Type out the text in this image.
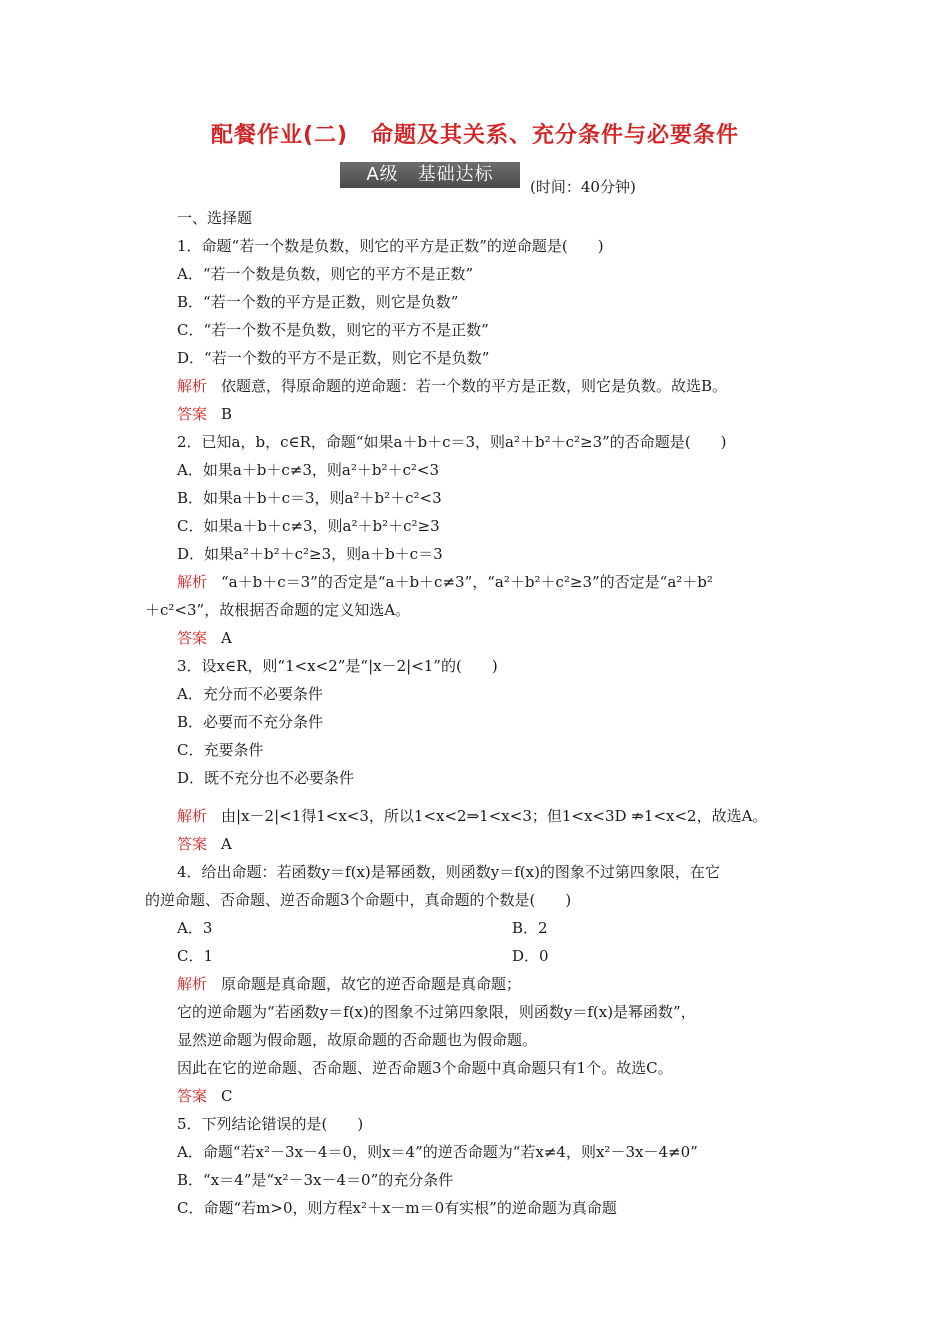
配餐作业(二)　命题及其关系、充分条件与必要条件
A级　基础达标
(时间：40分钟)
一、选择题
1．命题“若一个数是负数，则它的平方是正数”的逆命题是(　　)
A．“若一个数是负数，则它的平方不是正数”
B．“若一个数的平方是正数，则它是负数”
C．“若一个数不是负数，则它的平方不是正数”
D．“若一个数的平方不是正数，则它不是负数”
解析 依题意，得原命题的逆命题：若一个数的平方是正数，则它是负数。故选B。
答案 B
2．已知a，b，c∈R，命题“如果a＋b＋c＝3，则a²＋b²＋c²≥3”的否命题是(　　)
A．如果a＋b＋c≠3，则a²＋b²＋c²<3
B．如果a＋b＋c＝3，则a²＋b²＋c²<3
C．如果a＋b＋c≠3，则a²＋b²＋c²≥3
D．如果a²＋b²＋c²≥3，则a＋b＋c＝3
解析 “a＋b＋c＝3”的否定是“a＋b＋c≠3”，“a²＋b²＋c²≥3”的否定是“a²＋b²
＋c²<3”，故根据否命题的定义知选A。
答案 A
3．设x∈R，则“1<x<2”是“|x－2|<1”的(　　)
A．充分而不必要条件
B．必要而不充分条件
C．充要条件
D．既不充分也不必要条件
解析 由|x－2|<1得1<x<3，所以1<x<2⇒1<x<3；但1<x<3D ⇏1<x<2，故选A。
答案 A
4．给出命题：若函数y＝f(x)是幂函数，则函数y＝f(x)的图象不过第四象限，在它
的逆命题、否命题、逆否命题3个命题中，真命题的个数是(　　)
A．3	B．2
C．1	D．0
解析 原命题是真命题，故它的逆否命题是真命题；
它的逆命题为“若函数y＝f(x)的图象不过第四象限，则函数y＝f(x)是幂函数”，
显然逆命题为假命题，故原命题的否命题也为假命题。
因此在它的逆命题、否命题、逆否命题3个命题中真命题只有1个。故选C。
答案 C
5．下列结论错误的是(　　)
A．命题“若x²－3x－4＝0，则x＝4”的逆否命题为“若x≠4，则x²－3x－4≠0”
B．“x＝4”是“x²－3x－4＝0”的充分条件
C．命题“若m>0，则方程x²＋x－m＝0有实根”的逆命题为真命题
